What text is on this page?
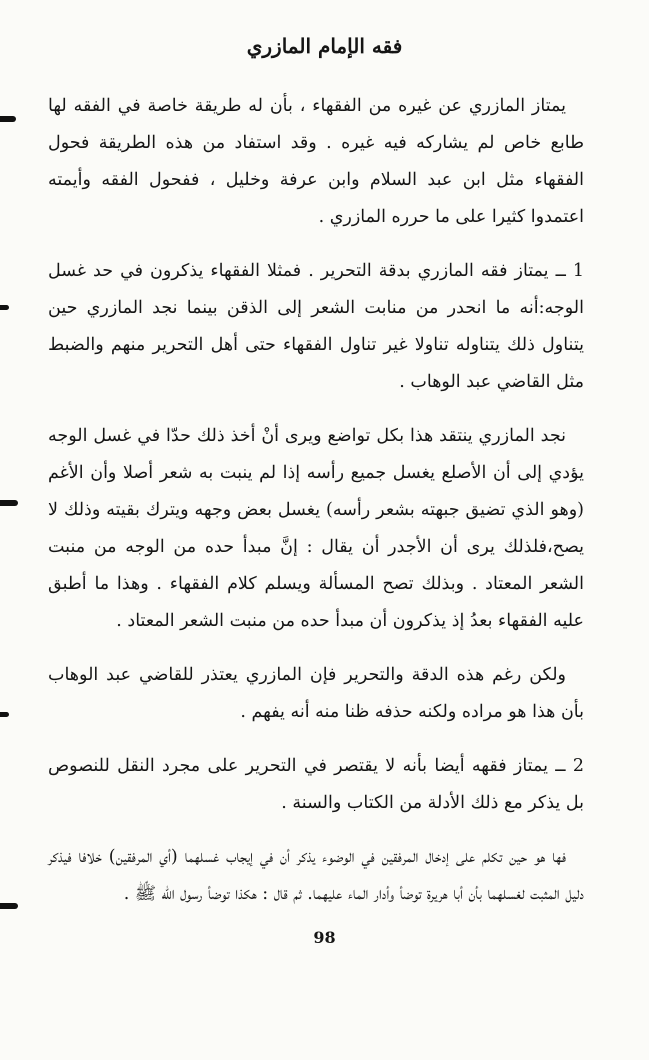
فقه الإمام المازري

يمتاز المازري عن غيره من الفقهاء ، بأن له طريقة خاصة في الفقه لها طابع خاص لم يشاركه فيه غيره . وقد استفاد من هذه الطريقة فحول الفقهاء مثل ابن عبد السلام وابن عرفة وخليل ، ففحول الفقه وأيمته اعتمدوا كثيرا على ما حرره المازري .

1 ــ يمتاز فقه المازري بدقة التحرير . فمثلا الفقهاء يذكرون في حد غسل الوجه:أنه ما انحدر من منابت الشعر إلى الذقن بينما نجد المازري حين يتناول ذلك يتناوله تناولا غير تناول الفقهاء حتى أهل التحرير منهم والضبط مثل القاضي عبد الوهاب .

نجد المازري ينتقد هذا بكل تواضع ويرى أنْ أخذ ذلك حدّا في غسل الوجه يؤدي إلى أن الأصلع يغسل جميع رأسه إذا لم ينبت به شعر أصلا وأن الأغم (وهو الذي تضيق جبهته بشعر رأسه) يغسل بعض وجهه ويترك بقيته وذلك لا يصح،فلذلك يرى أن الأجدر أن يقال : إنَّ مبدأ حده من الوجه من منبت الشعر المعتاد . وبذلك تصح المسألة ويسلم كلام الفقهاء . وهذا ما أطبق عليه الفقهاء بعدُ إذ يذكرون أن مبدأ حده من منبت الشعر المعتاد .

ولكن رغم هذه الدقة والتحرير فإن المازري يعتذر للقاضي عبد الوهاب بأن هذا هو مراده ولكنه حذفه ظنا منه أنه يفهم .

2 ــ يمتاز فقهه أيضا بأنه لا يقتصر في التحرير على مجرد النقل للنصوص بل يذكر مع ذلك الأدلة من الكتاب والسنة .

فها هو حين تكلم على إدخال المرفقين في الوضوء يذكر أن في إيجاب غسلهما (أي المرفقين) خلافا فيذكر دليل المثبت لغسلهما بأن أبا هريرة توضأ وأدار الماء عليهما. ثم قال : هكذا توضأ رسول الله ﷺ .

98
